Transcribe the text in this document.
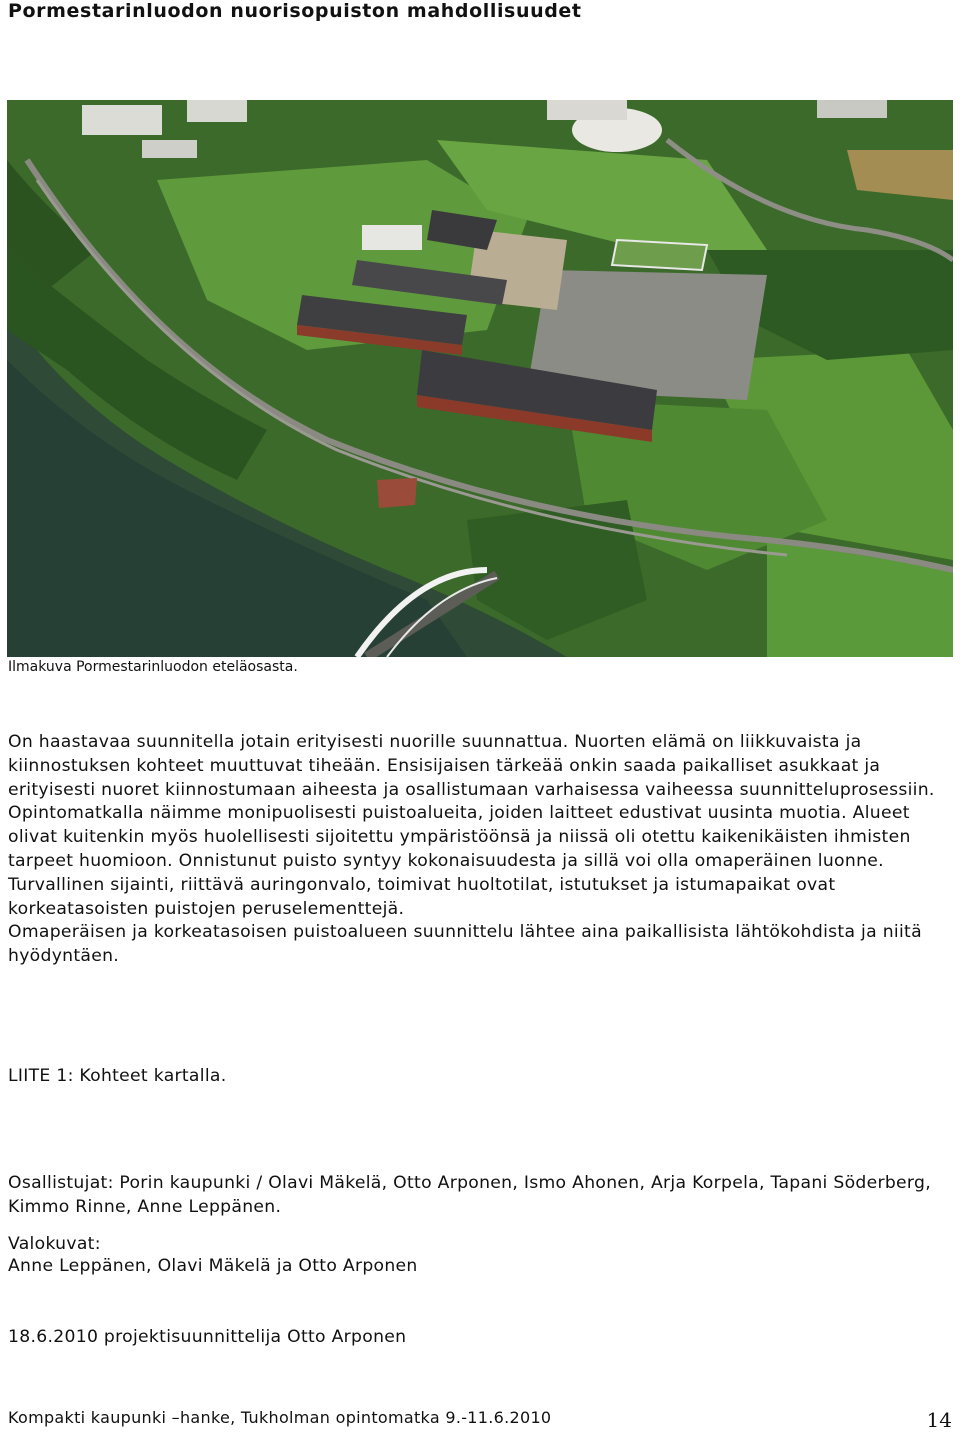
Pormestarinluodon nuorisopuiston mahdollisuudet
Ilmakuva Pormestarinluodon eteläosasta.

On haastavaa suunnitella jotain erityisesti nuorille suunnattua. Nuorten elämä on liikkuvaista ja kiinnostuksen kohteet muuttuvat tiheään. Ensisijaisen tärkeää onkin saada paikalliset asukkaat ja erityisesti nuoret kiinnostumaan aiheesta ja osallistumaan varhaisessa vaiheessa suunnitteluprosessiin.

Opintomatkalla näimme monipuolisesti puistoalueita, joiden laitteet edustivat uusinta muotia. Alueet olivat kuitenkin myös huolellisesti sijoitettu ympäristöönsä ja niissä oli otettu kaikenikäisten ihmisten tarpeet huomioon. Onnistunut puisto syntyy kokonaisuudesta ja sillä voi olla omaperäinen luonne.

Turvallinen sijainti, riittävä auringonvalo, toimivat huoltotilat, istutukset ja istumapaikat ovat korkeatasoisten puistojen peruselementtejä.

Omaperäisen ja korkeatasoisen puistoalueen suunnittelu lähtee aina paikallisista lähtökohdista ja niitä hyödyntäen.

LIITE 1: Kohteet kartalla.
Osallistujat: Porin kaupunki / Olavi Mäkelä, Otto Arponen, Ismo Ahonen, Arja Korpela, Tapani Söderberg, Kimmo Rinne, Anne Leppänen.
Valokuvat:
Anne Leppänen, Olavi Mäkelä ja Otto Arponen
18.6.2010 projektisuunnittelija Otto Arponen
Kompakti kaupunki –hanke, Tukholman opintomatka 9.-11.6.2010	14
